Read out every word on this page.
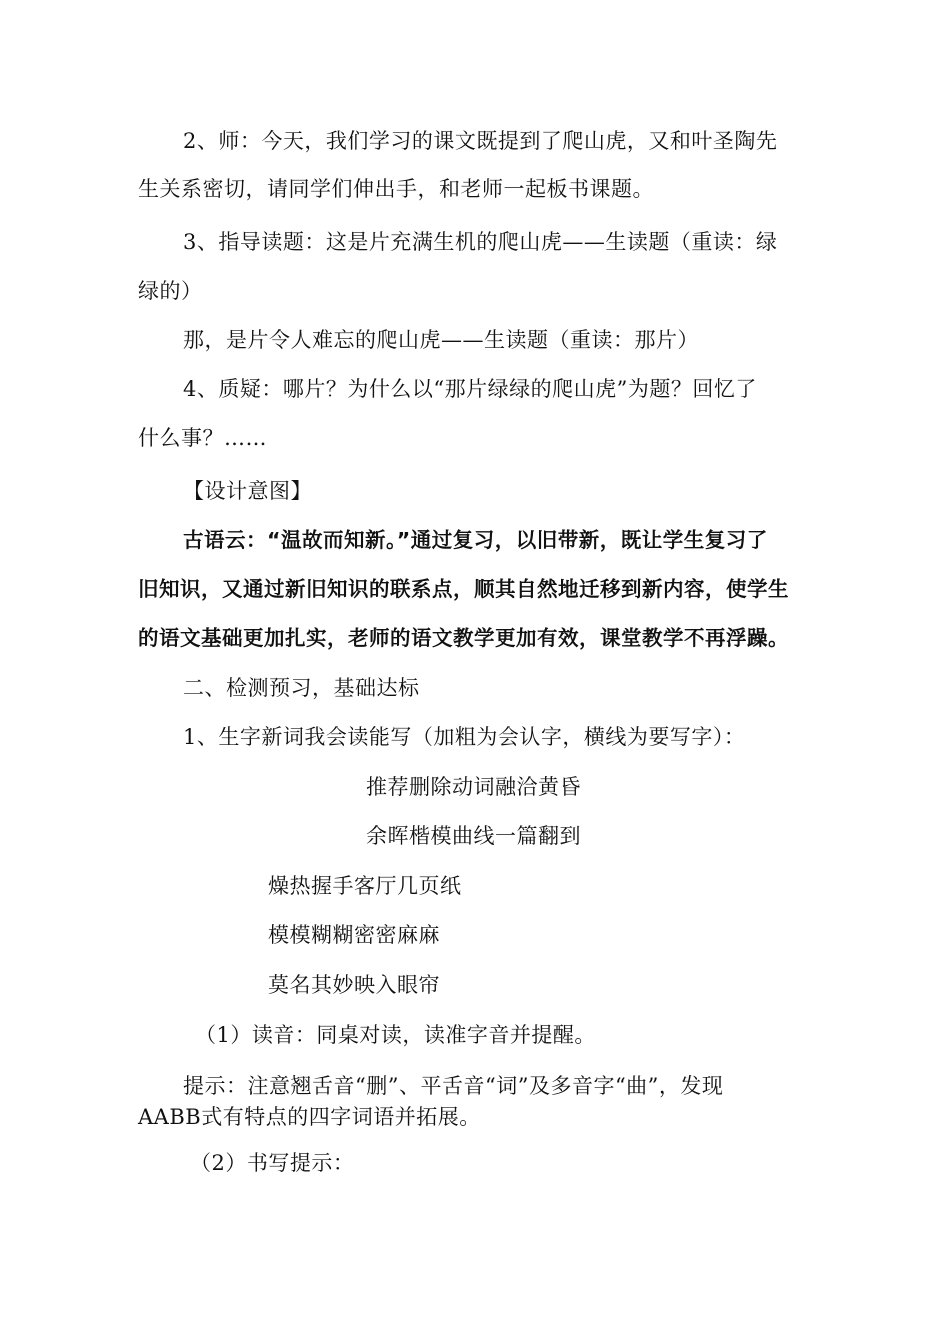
2、师：今天，我们学习的课文既提到了爬山虎，又和叶圣陶先
生关系密切，请同学们伸出手，和老师一起板书课题。
3、指导读题：这是片充满生机的爬山虎——生读题（重读：绿
绿的）
那，是片令人难忘的爬山虎——生读题（重读：那片）
4、质疑：哪片？为什么以“那片绿绿的爬山虎”为题？回忆了
什么事？……
【设计意图】
古语云：“温故而知新。”通过复习，以旧带新，既让学生复习了
旧知识，又通过新旧知识的联系点，顺其自然地迁移到新内容，使学生
的语文基础更加扎实，老师的语文教学更加有效，课堂教学不再浮躁。
二、检测预习，基础达标
1、生字新词我会读能写（加粗为会认字，横线为要写字）：
推荐删除动词融洽黄昏
余晖楷模曲线一篇翻到
燥热握手客厅几页纸
模模糊糊密密麻麻
莫名其妙映入眼帘
（1）读音：同桌对读，读准字音并提醒。
提示：注意翘舌音“删”、平舌音“词”及多音字“曲”，发现
AABB式有特点的四字词语并拓展。
（2）书写提示：
